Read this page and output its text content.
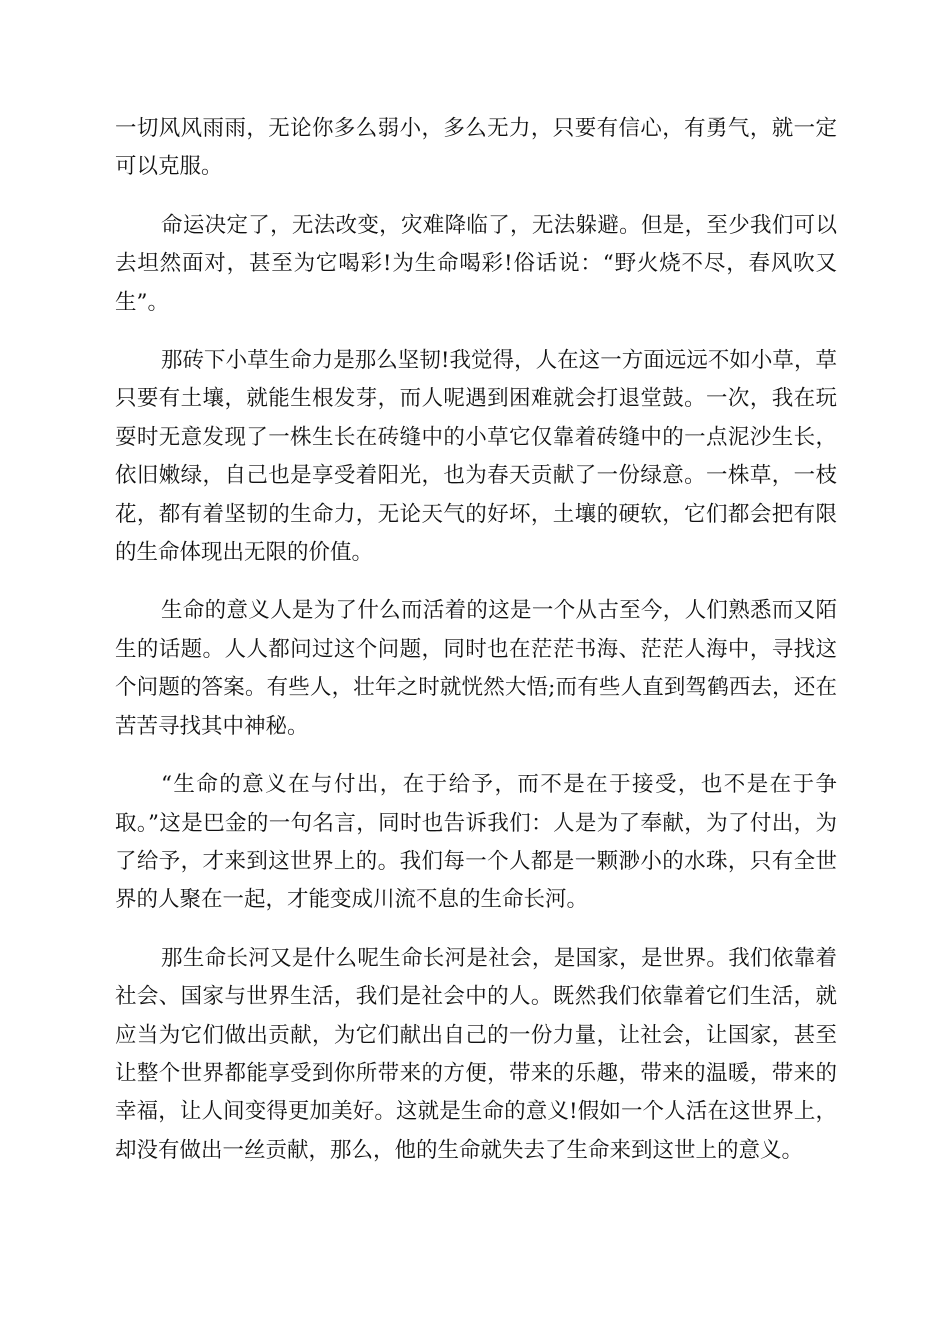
一切风风雨雨，无论你多么弱小，多么无力，只要有信心，有勇气，就一定可以克服。

命运决定了，无法改变，灾难降临了，无法躲避。但是，至少我们可以去坦然面对，甚至为它喝彩!为生命喝彩!俗话说：“野火烧不尽，春风吹又生”。

那砖下小草生命力是那么坚韧!我觉得，人在这一方面远远不如小草，草只要有土壤，就能生根发芽，而人呢遇到困难就会打退堂鼓。一次，我在玩耍时无意发现了一株生长在砖缝中的小草它仅靠着砖缝中的一点泥沙生长，依旧嫩绿，自己也是享受着阳光，也为春天贡献了一份绿意。一株草，一枝花，都有着坚韧的生命力，无论天气的好坏，土壤的硬软，它们都会把有限的生命体现出无限的价值。

生命的意义人是为了什么而活着的这是一个从古至今，人们熟悉而又陌生的话题。人人都问过这个问题，同时也在茫茫书海、茫茫人海中，寻找这个问题的答案。有些人，壮年之时就恍然大悟;而有些人直到驾鹤西去，还在苦苦寻找其中神秘。

“生命的意义在与付出，在于给予，而不是在于接受，也不是在于争取。”这是巴金的一句名言，同时也告诉我们：人是为了奉献，为了付出，为了给予，才来到这世界上的。我们每一个人都是一颗渺小的水珠，只有全世界的人聚在一起，才能变成川流不息的生命长河。

那生命长河又是什么呢生命长河是社会，是国家，是世界。我们依靠着社会、国家与世界生活，我们是社会中的人。既然我们依靠着它们生活，就应当为它们做出贡献，为它们献出自己的一份力量，让社会，让国家，甚至让整个世界都能享受到你所带来的方便，带来的乐趣，带来的温暖，带来的幸福，让人间变得更加美好。这就是生命的意义!假如一个人活在这世界上，却没有做出一丝贡献，那么，他的生命就失去了生命来到这世上的意义。
